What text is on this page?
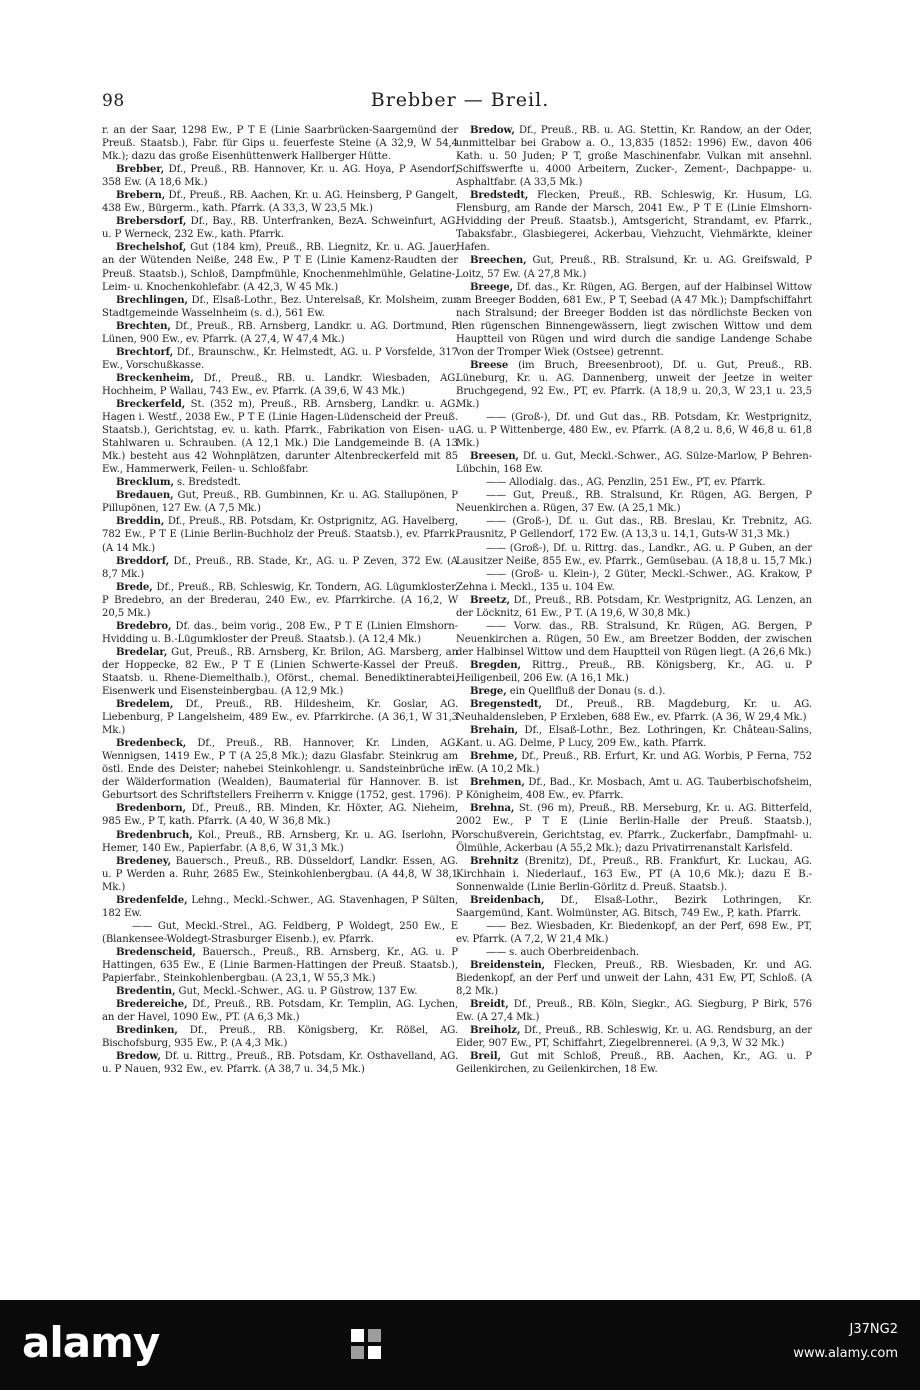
98	Brebber — Breil.

r. an der Saar, 1298 Ew., P T E (Linie Saarbrücken-Saargemünd der Preuß. Staatsb.), Fabr. für Gips u. feuerfeste Steine (A 32,9, W 54,4 Mk.); dazu das große Eisenhüttenwerk Hallberger Hütte.

Brebber, Df., Preuß., RB. Hannover, Kr. u. AG. Hoya, P Asendorf, 358 Ew. (A 18,6 Mk.)

Brebern, Df., Preuß., RB. Aachen, Kr. u. AG. Heinsberg, P Gangelt, 438 Ew., Bürgerm., kath. Pfarrk. (A 33,3, W 23,5 Mk.)

Brebersdorf, Df., Bay., RB. Unterfranken, BezA. Schweinfurt, AG. u. P Werneck, 232 Ew., kath. Pfarrk.

Brechelshof, Gut (184 km), Preuß., RB. Liegnitz, Kr. u. AG. Jauer, an der Wütenden Neiße, 248 Ew., P T E (Linie Kamenz-Raudten der Preuß. Staatsb.), Schloß, Dampfmühle, Knochenmehlmühle, Gelatine-, Leim- u. Knochenkohlefabr. (A 42,3, W 45 Mk.)

Brechlingen, Df., Elsaß-Lothr., Bez. Unterelsaß, Kr. Molsheim, zur Stadtgemeinde Wasselnheim (s. d.), 561 Ew.

Brechten, Df., Preuß., RB. Arnsberg, Landkr. u. AG. Dortmund, P Lünen, 900 Ew., ev. Pfarrk. (A 27,4, W 47,4 Mk.)

Brechtorf, Df., Braunschw., Kr. Helmstedt, AG. u. P Vorsfelde, 317 Ew., Vorschußkasse.

Breckenheim, Df., Preuß., RB. u. Landkr. Wiesbaden, AG. Hochheim, P Wallau, 743 Ew., ev. Pfarrk. (A 39,6, W 43 Mk.)

Breckerfeld, St. (352 m), Preuß., RB. Arnsberg, Landkr. u. AG. Hagen i. Westf., 2038 Ew., P T E (Linie Hagen-Lüdenscheid der Preuß. Staatsb.), Gerichtstag, ev. u. kath. Pfarrk., Fabrikation von Eisen- u. Stahlwaren u. Schrauben. (A 12,1 Mk.) Die Landgemeinde B. (A 13 Mk.) besteht aus 42 Wohnplätzen, darunter Altenbreckerfeld mit 85 Ew., Hammerwerk, Feilen- u. Schloßfabr.

Brecklum, s. Bredstedt.

Bredauen, Gut, Preuß., RB. Gumbinnen, Kr. u. AG. Stallupönen, P Pillupönen, 127 Ew. (A 7,5 Mk.)

Breddin, Df., Preuß., RB. Potsdam, Kr. Ostprignitz, AG. Havelberg, 782 Ew., P T E (Linie Berlin-Buchholz der Preuß. Staatsb.), ev. Pfarrk. (A 14 Mk.)

Breddorf, Df., Preuß., RB. Stade, Kr., AG. u. P Zeven, 372 Ew. (A 8,7 Mk.)

Brede, Df., Preuß., RB. Schleswig, Kr. Tondern, AG. Lügumkloster, P Bredebro, an der Brederau, 240 Ew., ev. Pfarrkirche. (A 16,2, W 20,5 Mk.)

Bredebro, Df. das., beim vorig., 208 Ew., P T E (Linien Elmshorn-Hvidding u. B.-Lügumkloster der Preuß. Staatsb.). (A 12,4 Mk.)

Bredelar, Gut, Preuß., RB. Arnsberg, Kr. Brilon, AG. Marsberg, an der Hoppecke, 82 Ew., P T E (Linien Schwerte-Kassel der Preuß. Staatsb. u. Rhene-Diemelthalb.), Oförst., chemal. Benediktinerabtei, Eisenwerk und Eisensteinbergbau. (A 12,9 Mk.)

Bredelem, Df., Preuß., RB. Hildesheim, Kr. Goslar, AG. Liebenburg, P Langelsheim, 489 Ew., ev. Pfarrkirche. (A 36,1, W 31,3 Mk.)

Bredenbeck, Df., Preuß., RB. Hannover, Kr. Linden, AG. Wennigsen, 1419 Ew., P T (A 25,8 Mk.); dazu Glasfabr. Steinkrug am östl. Ende des Deister; nahebei Steinkohlengr. u. Sandsteinbrüche in der Wälderformation (Wealden), Baumaterial für Hannover. B. ist Geburtsort des Schriftstellers Freiherrn v. Knigge (1752, gest. 1796).

Bredenborn, Df., Preuß., RB. Minden, Kr. Höxter, AG. Nieheim, 985 Ew., P T, kath. Pfarrk. (A 40, W 36,8 Mk.)

Bredenbruch, Kol., Preuß., RB. Arnsberg, Kr. u. AG. Iserlohn, P Hemer, 140 Ew., Papierfabr. (A 8,6, W 31,3 Mk.)

Bredeney, Bauersch., Preuß., RB. Düsseldorf, Landkr. Essen, AG. u. P Werden a. Ruhr, 2685 Ew., Steinkohlenbergbau. (A 44,8, W 38,1 Mk.)

Bredenfelde, Lehng., Meckl.-Schwer., AG. Stavenhagen, P Sülten, 182 Ew.

—— Gut, Meckl.-Strel., AG. Feldberg, P Woldegt, 250 Ew., E (Blankensee-Woldegt-Strasburger Eisenb.), ev. Pfarrk.

Bredenscheid, Bauersch., Preuß., RB. Arnsberg, Kr., AG. u. P Hattingen, 635 Ew., E (Linie Barmen-Hattingen der Preuß. Staatsb.), Papierfabr., Steinkohlenbergbau. (A 23,1, W 55,3 Mk.)

Bredentin, Gut, Meckl.-Schwer., AG. u. P Güstrow, 137 Ew.

Bredereiche, Df., Preuß., RB. Potsdam, Kr. Templin, AG. Lychen, an der Havel, 1090 Ew., PT. (A 6,3 Mk.)

Bredinken, Df., Preuß., RB. Königsberg, Kr. Rößel, AG. Bischofsburg, 935 Ew., P. (A 4,3 Mk.)

Bredow, Df. u. Rittrg., Preuß., RB. Potsdam, Kr. Osthavelland, AG. u. P Nauen, 932 Ew., ev. Pfarrk. (A 38,7 u. 34,5 Mk.)

Bredow, Df., Preuß., RB. u. AG. Stettin, Kr. Randow, an der Oder, unmittelbar bei Grabow a. O., 13,835 (1852: 1996) Ew., davon 406 Kath. u. 50 Juden; P T, große Maschinenfabr. Vulkan mit ansehnl. Schiffswerfte u. 4000 Arbeitern, Zucker-, Zement-, Dachpappe- u. Asphaltfabr. (A 33,5 Mk.)

Bredstedt, Flecken, Preuß., RB. Schleswig, Kr. Husum, LG. Flensburg, am Rande der Marsch, 2041 Ew., P T E (Linie Elmshorn-Hvidding der Preuß. Staatsb.), Amtsgericht, Strandamt, ev. Pfarrk., Tabaksfabr., Glasbiegerei, Ackerbau, Viehzucht, Viehmärkte, kleiner Hafen.

Breechen, Gut, Preuß., RB. Stralsund, Kr. u. AG. Greifswald, P Loitz, 57 Ew. (A 27,8 Mk.)

Breege, Df. das., Kr. Rügen, AG. Bergen, auf der Halbinsel Wittow am Breeger Bodden, 681 Ew., P T, Seebad (A 47 Mk.); Dampfschiffahrt nach Stralsund; der Breeger Bodden ist das nördlichste Becken von den rügenschen Binnengewässern, liegt zwischen Wittow und dem Hauptteil von Rügen und wird durch die sandige Landenge Schabe von der Tromper Wiek (Ostsee) getrennt.

Breese (im Bruch, Breesenbroot), Df. u. Gut, Preuß., RB. Lüneburg, Kr. u. AG. Dannenberg, unweit der Jeetze in weiter Bruchgegend, 92 Ew., PT, ev. Pfarrk. (A 18,9 u. 20,3, W 23,1 u. 23,5 Mk.)

—— (Groß-), Df. und Gut das., RB. Potsdam, Kr. Westprignitz, AG. u. P Wittenberge, 480 Ew., ev. Pfarrk. (A 8,2 u. 8,6, W 46,8 u. 61,8 Mk.)

Breesen, Df. u. Gut, Meckl.-Schwer., AG. Sülze-Marlow, P Behren-Lübchin, 168 Ew.

—— Allodialg. das., AG. Penzlin, 251 Ew., PT, ev. Pfarrk.

—— Gut, Preuß., RB. Stralsund, Kr. Rügen, AG. Bergen, P Neuenkirchen a. Rügen, 37 Ew. (A 25,1 Mk.)

—— (Groß-), Df. u. Gut das., RB. Breslau, Kr. Trebnitz, AG. Prausnitz, P Gellendorf, 172 Ew. (A 13,3 u. 14,1, Guts-W 31,3 Mk.)

—— (Groß-), Df. u. Rittrg. das., Landkr., AG. u. P Guben, an der Lausitzer Neiße, 855 Ew., ev. Pfarrk., Gemüsebau. (A 18,8 u. 15,7 Mk.)

—— (Groß- u. Klein-), 2 Güter, Meckl.-Schwer., AG. Krakow, P Zehna i. Meckl., 135 u. 104 Ew.

Breetz, Df., Preuß., RB. Potsdam, Kr. Westprignitz, AG. Lenzen, an der Löcknitz, 61 Ew., P T. (A 19,6, W 30,8 Mk.)

—— Vorw. das., RB. Stralsund, Kr. Rügen, AG. Bergen, P Neuenkirchen a. Rügen, 50 Ew., am Breetzer Bodden, der zwischen der Halbinsel Wittow und dem Hauptteil von Rügen liegt. (A 26,6 Mk.)

Bregden, Rittrg., Preuß., RB. Königsberg, Kr., AG. u. P Heiligenbeil, 206 Ew. (A 16,1 Mk.)

Brege, ein Quellfluß der Donau (s. d.).

Bregenstedt, Df., Preuß., RB. Magdeburg, Kr. u. AG. Neuhaldensleben, P Erxleben, 688 Ew., ev. Pfarrk. (A 36, W 29,4 Mk.)

Brehain, Df., Elsaß-Lothr., Bez. Lothringen, Kr. Château-Salins, Kant. u. AG. Delme, P Lucy, 209 Ew., kath. Pfarrk.

Brehme, Df., Preuß., RB. Erfurt, Kr. und AG. Worbis, P Ferna, 752 Ew. (A 10,2 Mk.)

Brehmen, Df., Bad., Kr. Mosbach, Amt u. AG. Tauberbischofsheim, P Königheim, 408 Ew., ev. Pfarrk.

Brehna, St. (96 m), Preuß., RB. Merseburg, Kr. u. AG. Bitterfeld, 2002 Ew., P T E (Linie Berlin-Halle der Preuß. Staatsb.), Vorschußverein, Gerichtstag, ev. Pfarrk., Zuckerfabr., Dampfmahl- u. Ölmühle, Ackerbau (A 55,2 Mk.); dazu Privatirrenanstalt Karlsfeld.

Brehnitz (Brenitz), Df., Preuß., RB. Frankfurt, Kr. Luckau, AG. Kirchhain i. Niederlauf., 163 Ew., PT (A 10,6 Mk.); dazu E B.-Sonnenwalde (Linie Berlin-Görlitz d. Preuß. Staatsb.).

Breidenbach, Df., Elsaß-Lothr., Bezirk Lothringen, Kr. Saargemünd, Kant. Wolmünster, AG. Bitsch, 749 Ew., P, kath. Pfarrk.

—— Bez. Wiesbaden, Kr. Biedenkopf, an der Perf, 698 Ew., PT, ev. Pfarrk. (A 7,2, W 21,4 Mk.)

—— s. auch Oberbreidenbach.

Breidenstein, Flecken, Preuß., RB. Wiesbaden, Kr. und AG. Biedenkopf, an der Perf und unweit der Lahn, 431 Ew, PT, Schloß. (A 8,2 Mk.)

Breidt, Df., Preuß., RB. Köln, Siegkr., AG. Siegburg, P Birk, 576 Ew. (A 27,4 Mk.)

Breiholz, Df., Preuß., RB. Schleswig, Kr. u. AG. Rendsburg, an der Eider, 907 Ew., PT, Schiffahrt, Ziegelbrennerei. (A 9,3, W 32 Mk.)

Breil, Gut mit Schloß, Preuß., RB. Aachen, Kr., AG. u. P Geilenkirchen, zu Geilenkirchen, 18 Ew.

alamy	J37NG2
www.alamy.com
